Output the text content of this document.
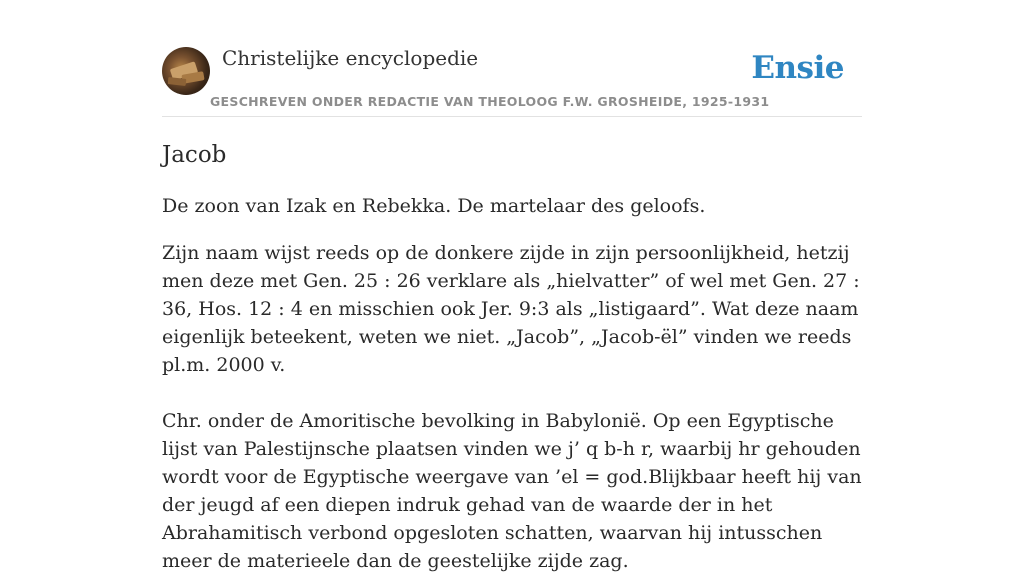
Christelijke encyclopedie
GESCHREVEN ONDER REDACTIE VAN THEOLOOG F.W. GROSHEIDE, 1925-1931
Ensie
Jacob

De zoon van Izak en Rebekka. De martelaar des geloofs.

Zijn naam wijst reeds op de donkere zijde in zijn persoonlijkheid, hetzij men deze met Gen. 25 : 26 verklare als „hielvatter” of wel met Gen. 27 : 36, Hos. 12 : 4 en misschien ook Jer. 9:3 als „listigaard”. Wat deze naam eigenlijk beteekent, weten we niet. „Jacob”, „Jacob-ël” vinden we reeds pl.m. 2000 v.

Chr. onder de Amoritische bevolking in Babylonië. Op een Egyptische lijst van Palestijnsche plaatsen vinden we j’ q b-h r, waarbij hr gehouden wordt voor de Egyptische weergave van ’el = god.Blijkbaar heeft hij van der jeugd af een diepen indruk gehad van de waarde der in het Abrahamitisch verbond opgesloten schatten, waarvan hij intusschen meer de materieele dan de geestelijke zijde zag.
